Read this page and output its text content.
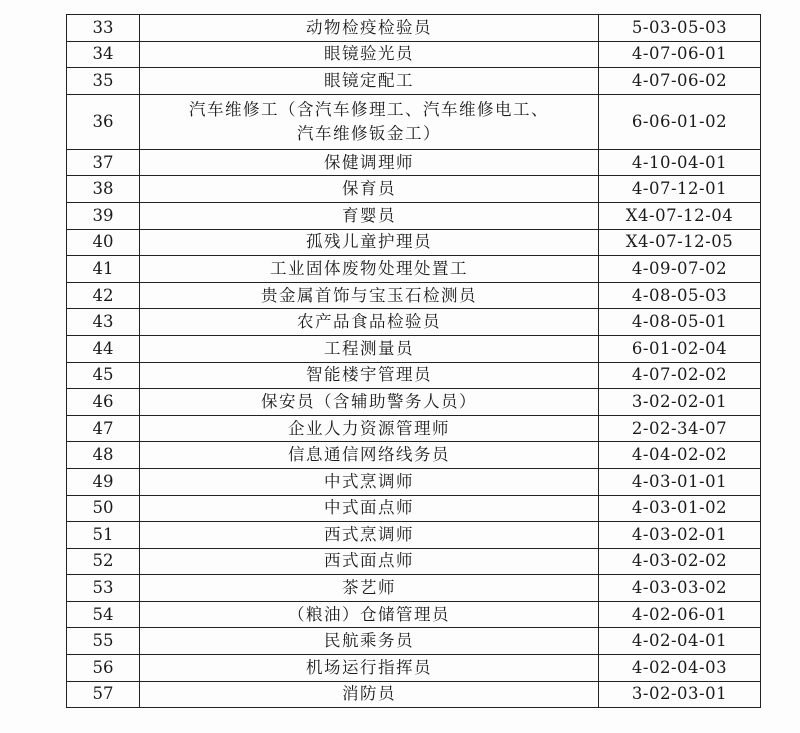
33	动物检疫检验员	5-03-05-03
34	眼镜验光员	4-07-06-01
35	眼镜定配工	4-07-06-02
36	汽车维修工（含汽车修理工、汽车维修电工、
汽车维修钣金工）	6-06-01-02
37	保健调理师	4-10-04-01
38	保育员	4-07-12-01
39	育婴员	X4-07-12-04
40	孤残儿童护理员	X4-07-12-05
41	工业固体废物处理处置工	4-09-07-02
42	贵金属首饰与宝玉石检测员	4-08-05-03
43	农产品食品检验员	4-08-05-01
44	工程测量员	6-01-02-04
45	智能楼宇管理员	4-07-02-02
46	保安员（含辅助警务人员）	3-02-02-01
47	企业人力资源管理师	2-02-34-07
48	信息通信网络线务员	4-04-02-02
49	中式烹调师	4-03-01-01
50	中式面点师	4-03-01-02
51	西式烹调师	4-03-02-01
52	西式面点师	4-03-02-02
53	茶艺师	4-03-03-02
54	（粮油）仓储管理员	4-02-06-01
55	民航乘务员	4-02-04-01
56	机场运行指挥员	4-02-04-03
57	消防员	3-02-03-01
